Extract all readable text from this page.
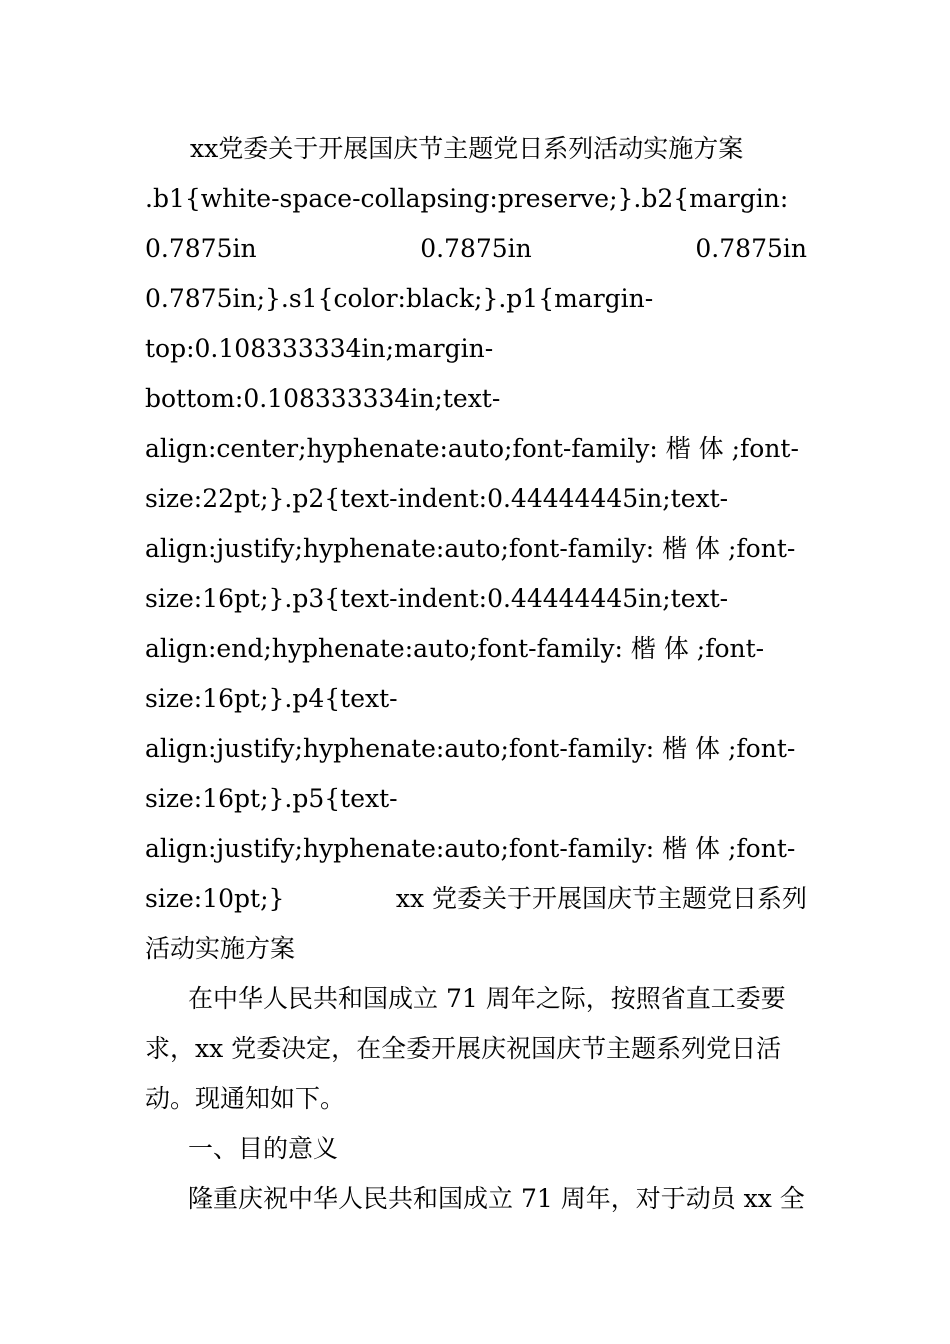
xx党委关于开展国庆节主题党日系列活动实施方案
.b1{white-space-collapsing:preserve;}.b2{margin:
0.7875in	0.7875in	0.7875in
0.7875in;}.s1{color:black;}.p1{margin-
top:0.108333334in;margin-
bottom:0.108333334in;text-
align:center;hyphenate:auto;font-family: 楷 体 ;font-
size:22pt;}.p2{text-indent:0.44444445in;text-
align:justify;hyphenate:auto;font-family: 楷 体 ;font-
size:16pt;}.p3{text-indent:0.44444445in;text-
align:end;hyphenate:auto;font-family: 楷 体 ;font-
size:16pt;}.p4{text-
align:justify;hyphenate:auto;font-family: 楷 体 ;font-
size:16pt;}.p5{text-
align:justify;hyphenate:auto;font-family: 楷 体 ;font-
size:10pt;}	xx 党委关于开展国庆节主题党日系列
活动实施方案
在中华人民共和国成立 71 周年之际，按照省直工委要
求，xx 党委决定，在全委开展庆祝国庆节主题系列党日活
动。现通知如下。
一、目的意义
隆重庆祝中华人民共和国成立 71 周年，对于动员 xx 全
